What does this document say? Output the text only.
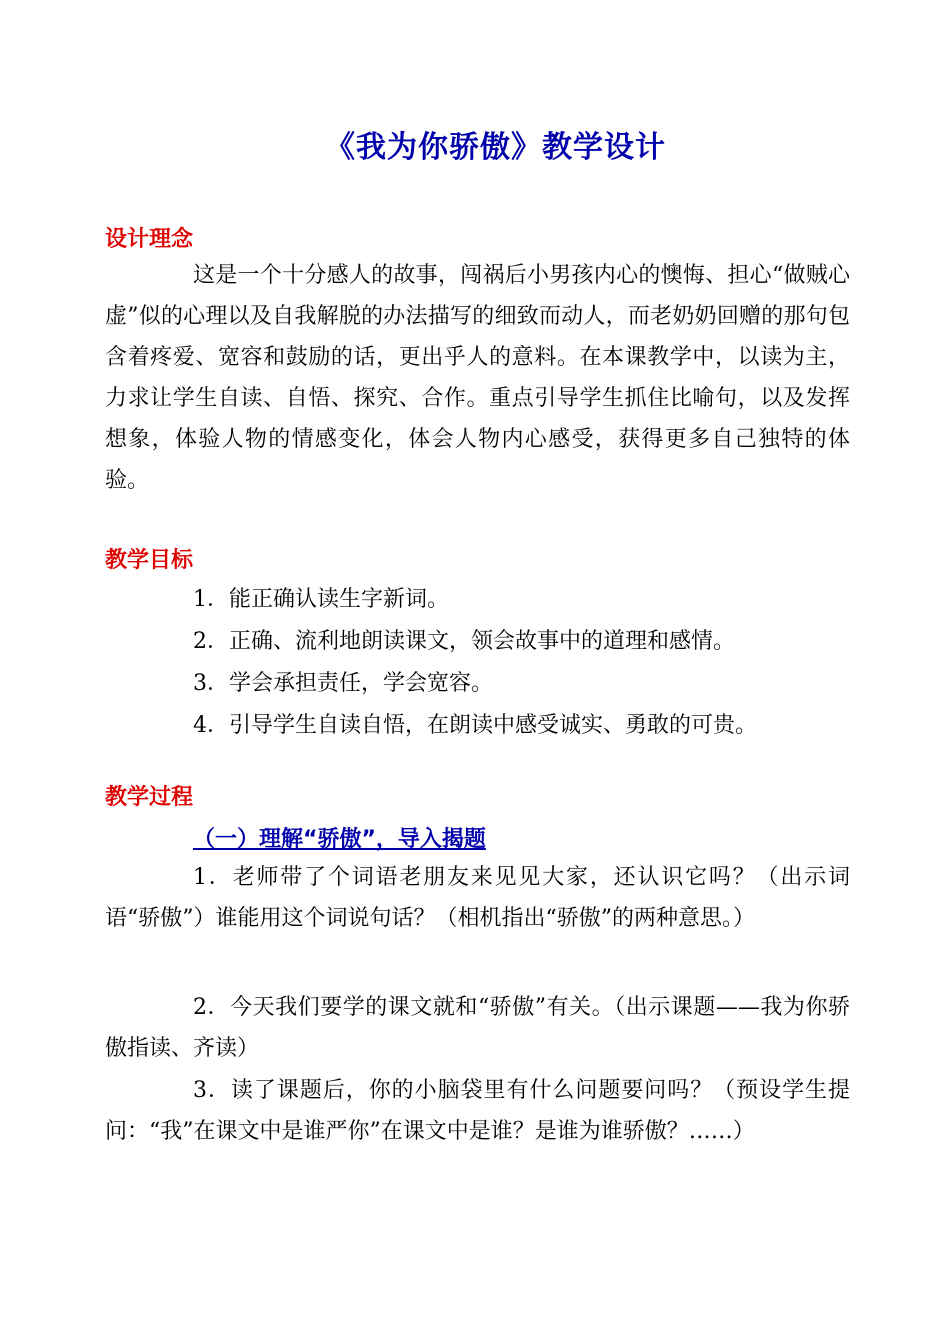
《我为你骄傲》教学设计
设计理念
这是一个十分感人的故事，闯祸后小男孩内心的懊悔、担心“做贼心虚”似的心理以及自我解脱的办法描写的细致而动人，而老奶奶回赠的那句包含着疼爱、宽容和鼓励的话，更出乎人的意料。在本课教学中，以读为主，力求让学生自读、自悟、探究、合作。重点引导学生抓住比喻句，以及发挥想象，体验人物的情感变化，体会人物内心感受，获得更多自己独特的体验。
教学目标
1．能正确认读生字新词。
2．正确、流利地朗读课文，领会故事中的道理和感情。
3．学会承担责任，学会宽容。
4．引导学生自读自悟，在朗读中感受诚实、勇敢的可贵。
教学过程
（一）理解“骄傲”，导入揭题
1．老师带了个词语老朋友来见见大家，还认识它吗？（出示词语“骄傲”）谁能用这个词说句话？（相机指出“骄傲”的两种意思。）
2．今天我们要学的课文就和“骄傲”有关。（出示课题——我为你骄傲指读、齐读）
3．读了课题后，你的小脑袋里有什么问题要问吗？（预设学生提问：“我”在课文中是谁严你”在课文中是谁？是谁为谁骄傲？……）
